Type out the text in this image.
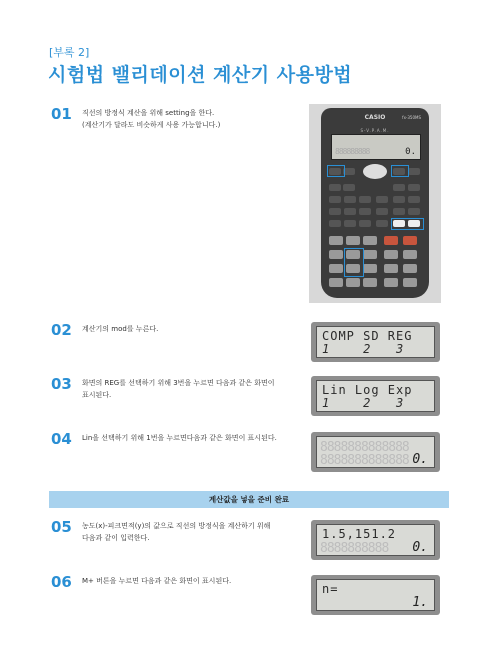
[부록 2]
시험법 밸리데이션 계산기 사용방법
01 직선의 방정식 계산을 위해 setting을 한다.
(계산기가 달라도 비슷하게 사용 가능합니다.)
CASIO	fx-350MS
S-V.P.A.M.
888888888	0.
02 계산기의 mod를 누른다.	COMP SD REG
1    2   3
03 화면의 REG를 선택하기 위해 3번을 누르면 다음과 같은 화면이
표시된다.	Lin Log Exp
1    2   3
04 Lin을 선택하기 위해 1번을 누르면다음과 같은 화면이 표시된다.
8888888888888
8888888888888 0.
계산값을 넣을 준비 완료
05 농도(x)-피크면적(y)의 값으로 직선의 방정식을 계산하기 위해
다음과 같이 입력한다.	1.5,151.2
8888888888 0.
06 M+ 버튼을 누르면 다음과 같은 화면이 표시된다.
n=
1.
